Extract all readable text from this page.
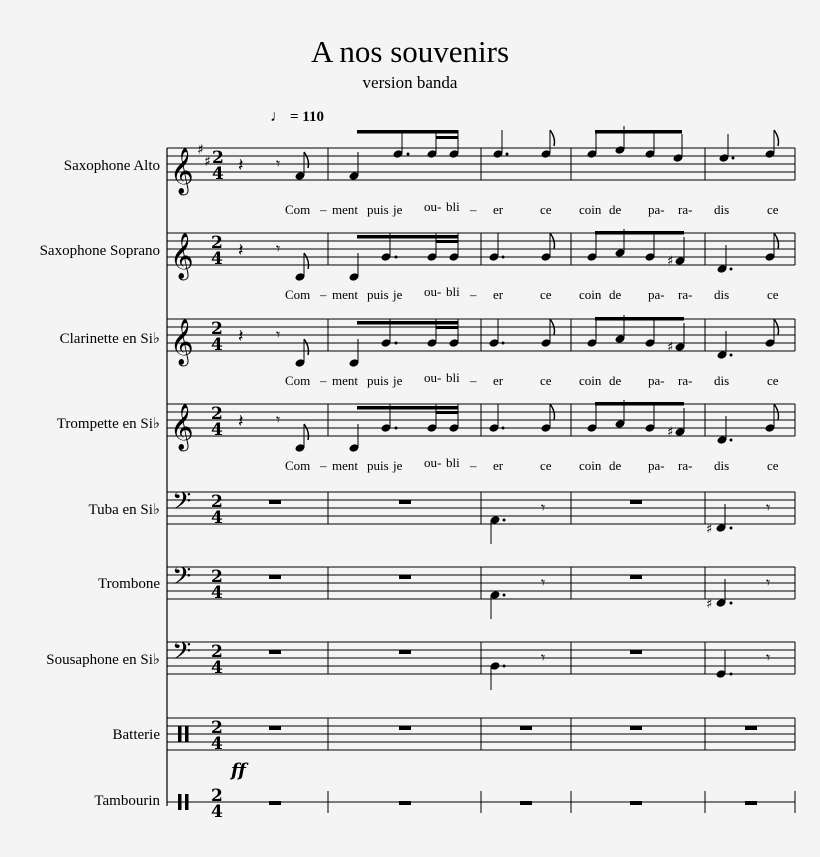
A nos souvenirs
version banda
♩ = 110
Saxophone Alto
Saxophone Soprano
Clarinette en Si♭
Trompette en Si♭
Tuba en Si♭
Trombone
Sousaphone en Si♭
Batterie
Tambourin
ff
𝄞 ♯
♯ 2
4 𝄽 𝄾
𝄞 2
4 𝄽 𝄾
♯
𝄞 2
4 𝄽 𝄾
♯
𝄞 2
4 𝄽 𝄾
♯
𝄢 2
4
𝄾
♯
𝄾
𝄢 2
4
𝄾
♯
𝄾
𝄢 2
4
𝄾	𝄾
2
4
2
4
Com – ment puis je ou- bli – er	ce coin de pa- ra- dis	ce
Com – ment puis je ou- bli – er	ce coin de pa- ra- dis	ce
Com – ment puis je ou- bli – er	ce coin de pa- ra- dis	ce
Com – ment puis je ou- bli – er	ce coin de pa- ra- dis	ce
